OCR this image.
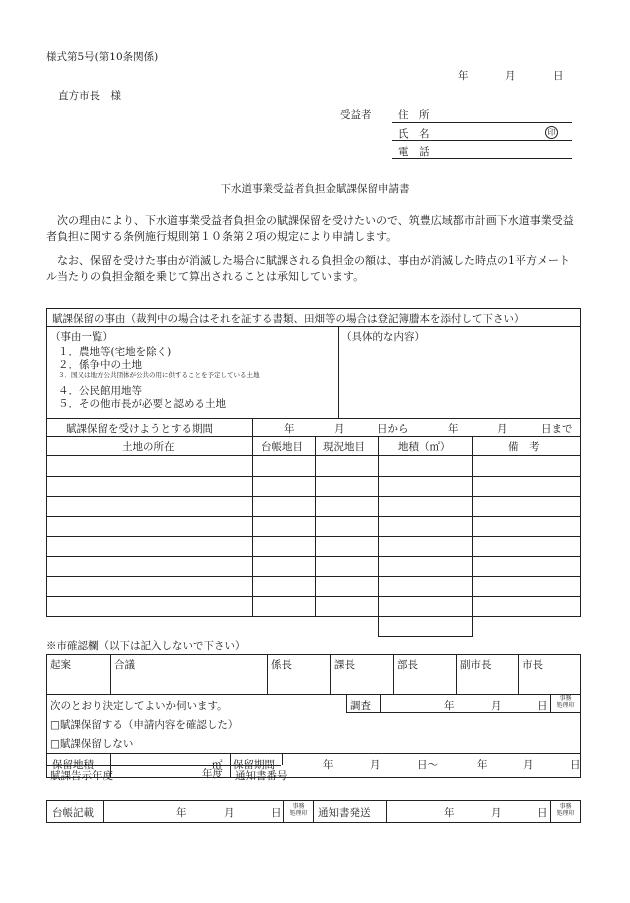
様式第5号(第10条関係)
年	月	日
直方市長　様
受益者	住　所
氏　名	印
電　話
下水道事業受益者負担金賦課保留申請書
次の理由により、下水道事業受益者負担金の賦課保留を受けたいので、筑豊広域都市計画下水道事業受益者負担に関する条例施行規則第１０条第２項の規定により申請します。
なお、保留を受けた事由が消滅した場合に賦課される負担金の額は、事由が消滅した時点の1平方メートル当たりの負担金額を乗じて算出されることは承知しています。
賦課保留の事由（裁判中の場合はそれを証する書類、田畑等の場合は登記簿謄本を添付して下さい）
（事由一覧）
１．農地等(宅地を除く)
２．係争中の土地
３．国又は地方公共団体が公共の用に供することを予定している土地
４．公民館用地等
５．その他市長が必要と認める土地
（具体的な内容）
賦課保留を受けようとする期間	年	月	日から	年	月	日まで
土地の所在	台帳地目 現況地目	地積（㎡）	備　考
※市確認欄（以下は記入しないで下さい）
起案	合議	係長	課長	部長	副市長	市長
次のとおり決定してよいか伺います。	調査	年	月	日
事務
処理印
□賦課保留する（申請内容を確認した）
□賦課保留しない
保留地積	㎡ 保留期間	年	月	日～	年	月	日
賦課告示年度	年度 通知書番号
台帳記載	年	月	日
事務
処理印	通知書発送	年	月	日
事務
処理印
